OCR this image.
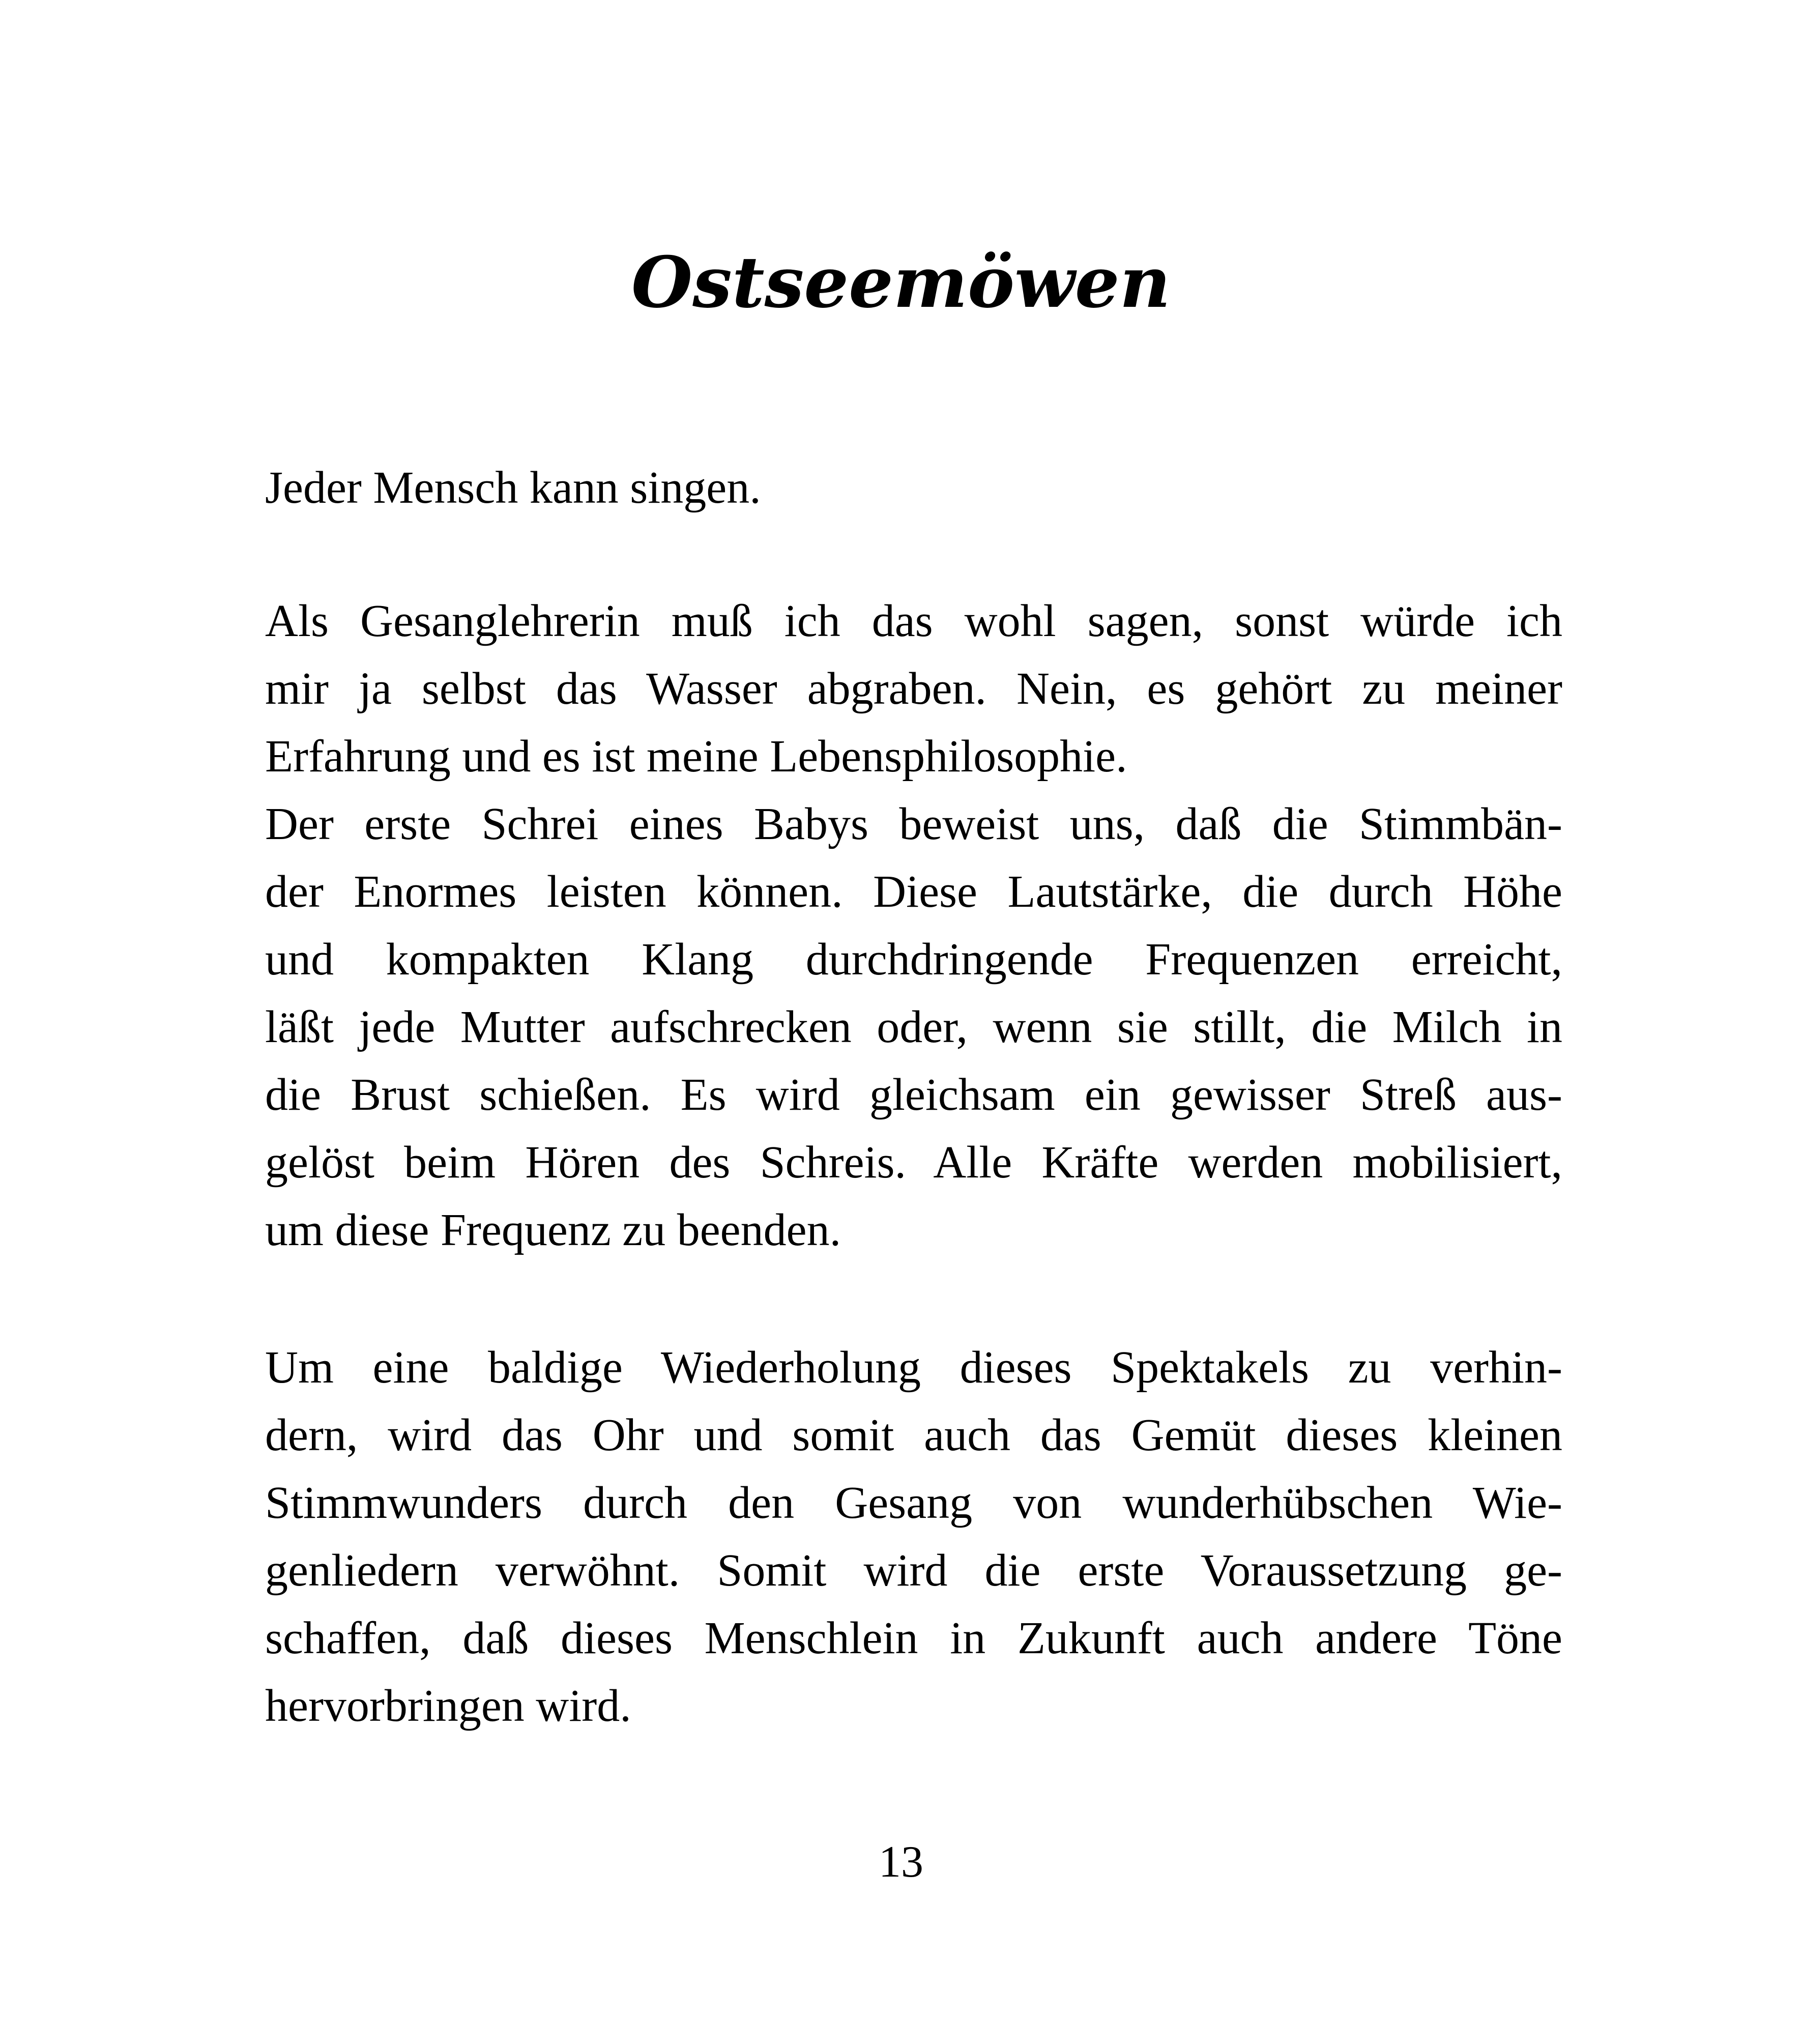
Ostseemöwen

Jeder Mensch kann singen.

Als Gesanglehrerin muß ich das wohl sagen, sonst würde ich
mir ja selbst das Wasser abgraben. Nein, es gehört zu meiner
Erfahrung und es ist meine Lebensphilosophie.
Der erste Schrei eines Babys beweist uns, daß die Stimmbän-
der Enormes leisten können. Diese Lautstärke, die durch Höhe
und kompakten Klang durchdringende Frequenzen erreicht,
läßt jede Mutter aufschrecken oder, wenn sie stillt, die Milch in
die Brust schießen. Es wird gleichsam ein gewisser Streß aus-
gelöst beim Hören des Schreis. Alle Kräfte werden mobilisiert,
um diese Frequenz zu beenden.

Um eine baldige Wiederholung dieses Spektakels zu verhin-
dern, wird das Ohr und somit auch das Gemüt dieses kleinen
Stimmwunders durch den Gesang von wunderhübschen Wie-
genliedern verwöhnt. Somit wird die erste Voraussetzung ge-
schaffen, daß dieses Menschlein in Zukunft auch andere Töne
hervorbringen wird.

13
